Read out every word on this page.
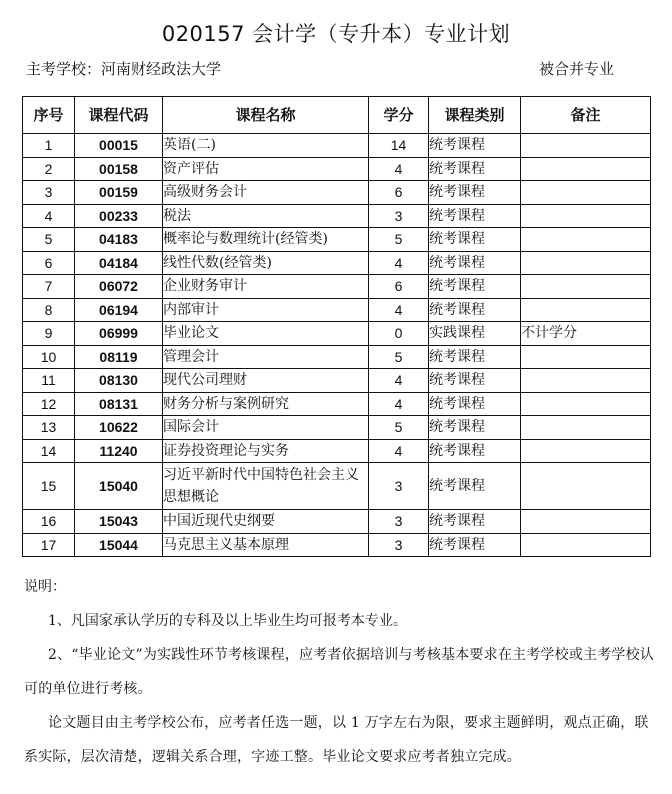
020157 会计学（专升本）专业计划
主考学校：河南财经政法大学	被合并专业
序号	课程代码	课程名称	学分	课程类别	备注
1	00015	英语(二)	14	统考课程	
2	00158	资产评估	4	统考课程	
3	00159	高级财务会计	6	统考课程	
4	00233	税法	3	统考课程	
5	04183	概率论与数理统计(经管类)	5	统考课程	
6	04184	线性代数(经管类)	4	统考课程	
7	06072	企业财务审计	6	统考课程	
8	06194	内部审计	4	统考课程	
9	06999	毕业论文	0	实践课程	不计学分
10	08119	管理会计	5	统考课程	
11	08130	现代公司理财	4	统考课程	
12	08131	财务分析与案例研究	4	统考课程	
13	10622	国际会计	5	统考课程	
14	11240	证券投资理论与实务	4	统考课程	
15	15040	习近平新时代中国特色社会主义思想概论	3	统考课程	
16	15043	中国近现代史纲要	3	统考课程	
17	15044	马克思主义基本原理	3	统考课程	

说明：

1、凡国家承认学历的专科及以上毕业生均可报考本专业。

2、“毕业论文”为实践性环节考核课程，应考者依据培训与考核基本要求在主考学校或主考学校认可的单位进行考核。

论文题目由主考学校公布，应考者任选一题，以 1 万字左右为限，要求主题鲜明，观点正确，联系实际，层次清楚，逻辑关系合理，字迹工整。毕业论文要求应考者独立完成。
